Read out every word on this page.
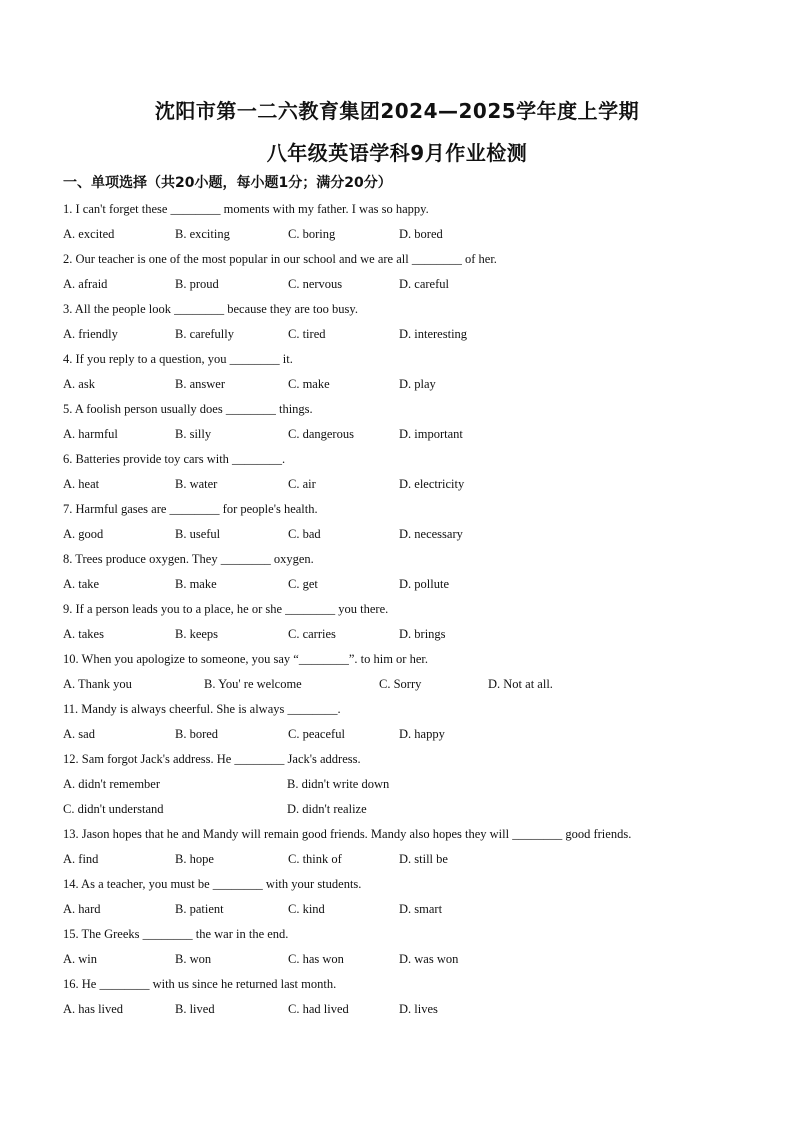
沈阳市第一二六教育集团2024—2025学年度上学期
八年级英语学科9月作业检测
一、单项选择（共20小题，每小题1分；满分20分）
1. I can't forget these ________ moments with my father. I was so happy.
A. excited	B. exciting	C. boring	D. bored
2. Our teacher is one of the most popular in our school and we are all ________ of her.
A. afraid	B. proud	C. nervous	D. careful
3. All the people look ________ because they are too busy.
A. friendly	B. carefully	C. tired	D. interesting
4. If you reply to a question, you ________ it.
A. ask	B. answer	C. make	D. play
5. A foolish person usually does ________ things.
A. harmful	B. silly	C. dangerous	D. important
6. Batteries provide toy cars with ________.
A. heat	B. water	C. air	D. electricity
7. Harmful gases are ________ for people's health.
A. good	B. useful	C. bad	D. necessary
8. Trees produce oxygen. They ________ oxygen.
A. take	B. make	C. get	D. pollute
9. If a person leads you to a place, he or she ________ you there.
A. takes	B. keeps	C. carries	D. brings
10. When you apologize to someone, you say “________”. to him or her.
A. Thank you	B. You' re welcome	C. Sorry	D. Not at all.
11. Mandy is always cheerful. She is always ________.
A. sad	B. bored	C. peaceful	D. happy
12. Sam forgot Jack's address. He ________ Jack's address.
A. didn't remember	B. didn't write down
C. didn't understand	D. didn't realize
13. Jason hopes that he and Mandy will remain good friends. Mandy also hopes they will ________ good friends.
A. find	B. hope	C. think of	D. still be
14. As a teacher, you must be ________ with your students.
A. hard	B. patient	C. kind	D. smart
15. The Greeks ________ the war in the end.
A. win	B. won	C. has won	D. was won
16. He ________ with us since he returned last month.
A. has lived	B. lived	C. had lived	D. lives
